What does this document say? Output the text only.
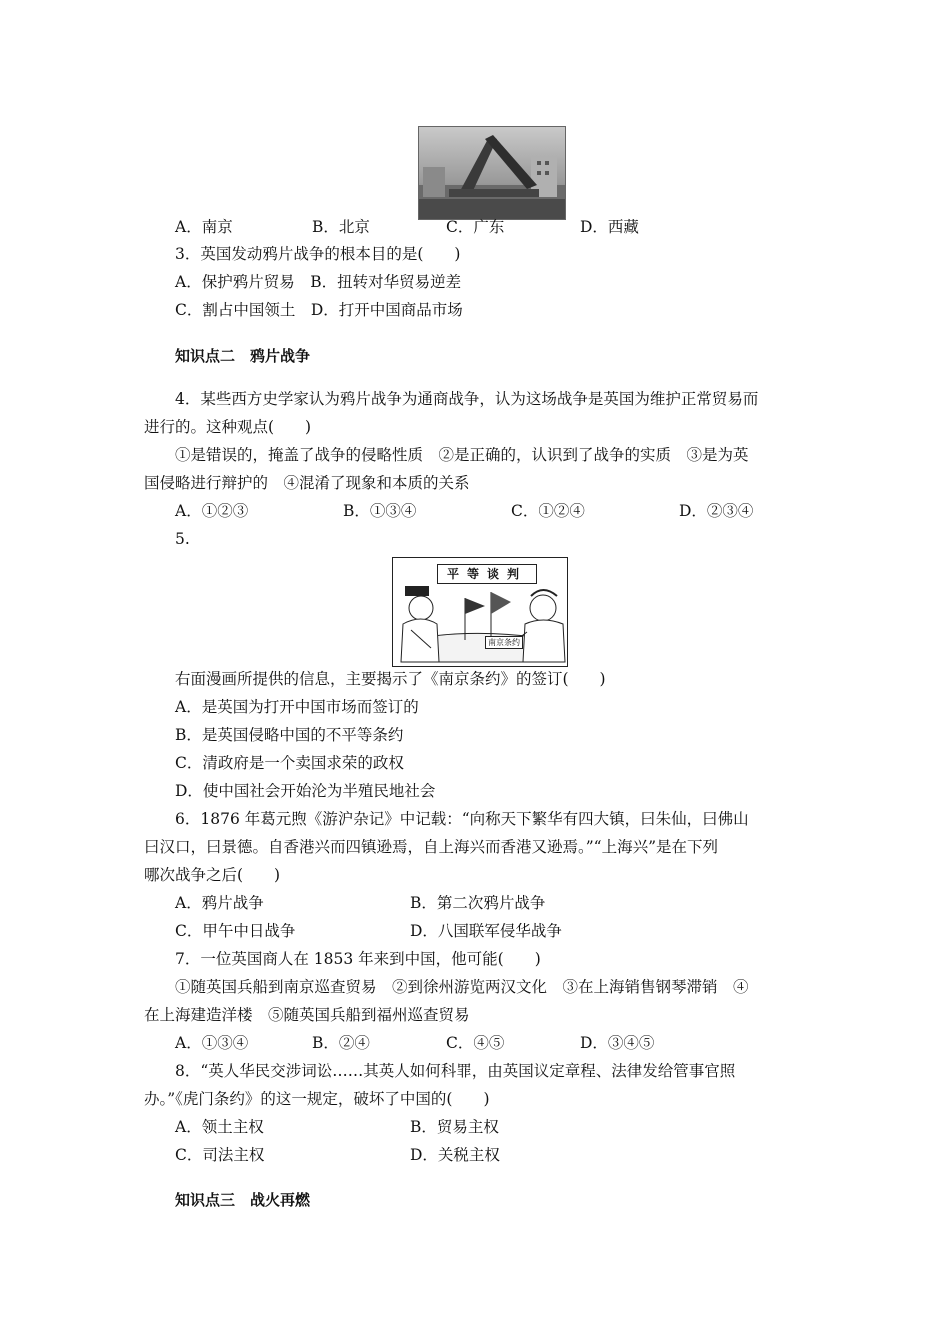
A．南京	B．北京	C．广东	D．西藏
3．英国发动鸦片战争的根本目的是(　　)
A．保护鸦片贸易　B．扭转对华贸易逆差
C．割占中国领土　D．打开中国商品市场
知识点二　鸦片战争
4．某些西方史学家认为鸦片战争为通商战争，认为这场战争是英国为维护正常贸易而
进行的。这种观点(　　)
①是错误的，掩盖了战争的侵略性质　②是正确的，认识到了战争的实质　③是为英
国侵略进行辩护的　④混淆了现象和本质的关系
A．①②③	B．①③④	C．①②④	D．②③④
5.
平等谈判
南京条约
右面漫画所提供的信息，主要揭示了《南京条约》的签订(　　)
A．是英国为打开中国市场而签订的
B．是英国侵略中国的不平等条约
C．清政府是一个卖国求荣的政权
D．使中国社会开始沦为半殖民地社会
6．1876 年葛元煦《游沪杂记》中记载：“向称天下繁华有四大镇，曰朱仙，曰佛山
曰汉口，曰景德。自香港兴而四镇逊焉，自上海兴而香港又逊焉。”“上海兴”是在下列
哪次战争之后(　　)
A．鸦片战争	B．第二次鸦片战争
C．甲午中日战争	D．八国联军侵华战争
7．一位英国商人在 1853 年来到中国，他可能(　　)
①随英国兵船到南京巡查贸易　②到徐州游览两汉文化　③在上海销售钢琴滞销　④
在上海建造洋楼　⑤随英国兵船到福州巡查贸易
A．①③④	B．②④	C．④⑤	D．③④⑤
8．“英人华民交涉词讼……其英人如何科罪，由英国议定章程、法律发给管事官照
办。”《虎门条约》的这一规定，破坏了中国的(　　)
A．领土主权	B．贸易主权
C．司法主权	D．关税主权
知识点三　战火再燃
